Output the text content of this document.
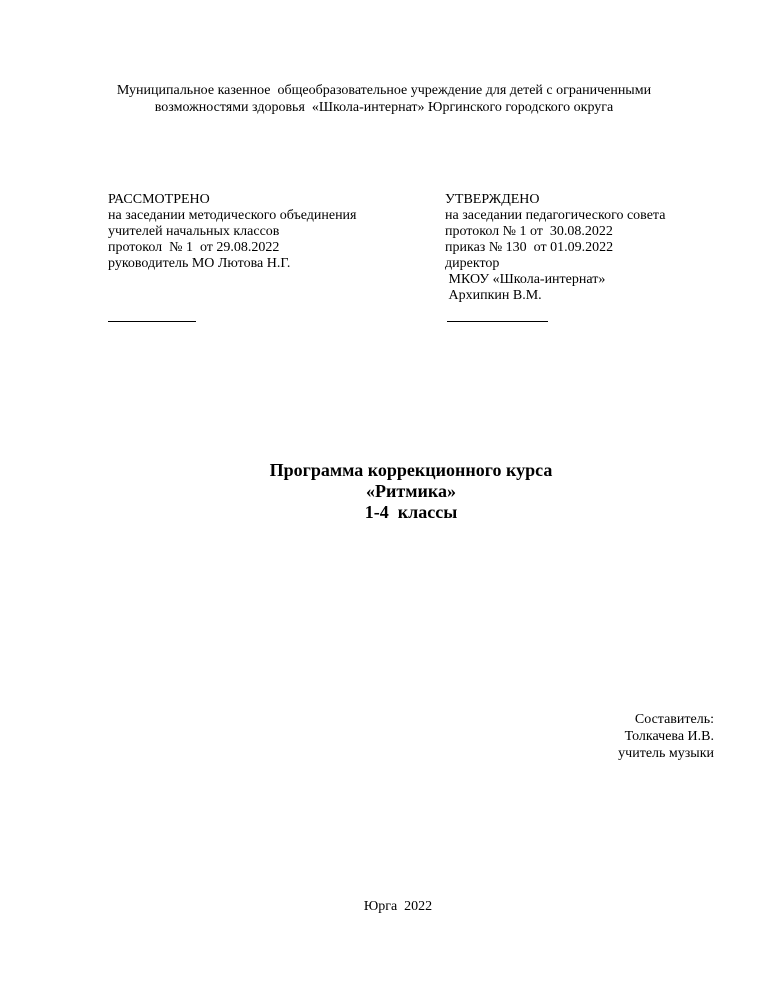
Муниципальное казенное  общеобразовательное учреждение для детей с ограниченными
возможностями здоровья  «Школа-интернат» Юргинского городского округа
РАССМОТРЕНО
на заседании методического объединения
учителей начальных классов
протокол  № 1  от 29.08.2022
руководитель МО Лютова Н.Г.
УТВЕРЖДЕНО
на заседании педагогического совета
протокол № 1 от  30.08.2022
приказ № 130  от 01.09.2022
директор
МКОУ «Школа-интернат»
Архипкин В.М.
Программа коррекционного курса
«Ритмика»
1-4  классы
Составитель:
Толкачева И.В.
учитель музыки
Юрга  2022
